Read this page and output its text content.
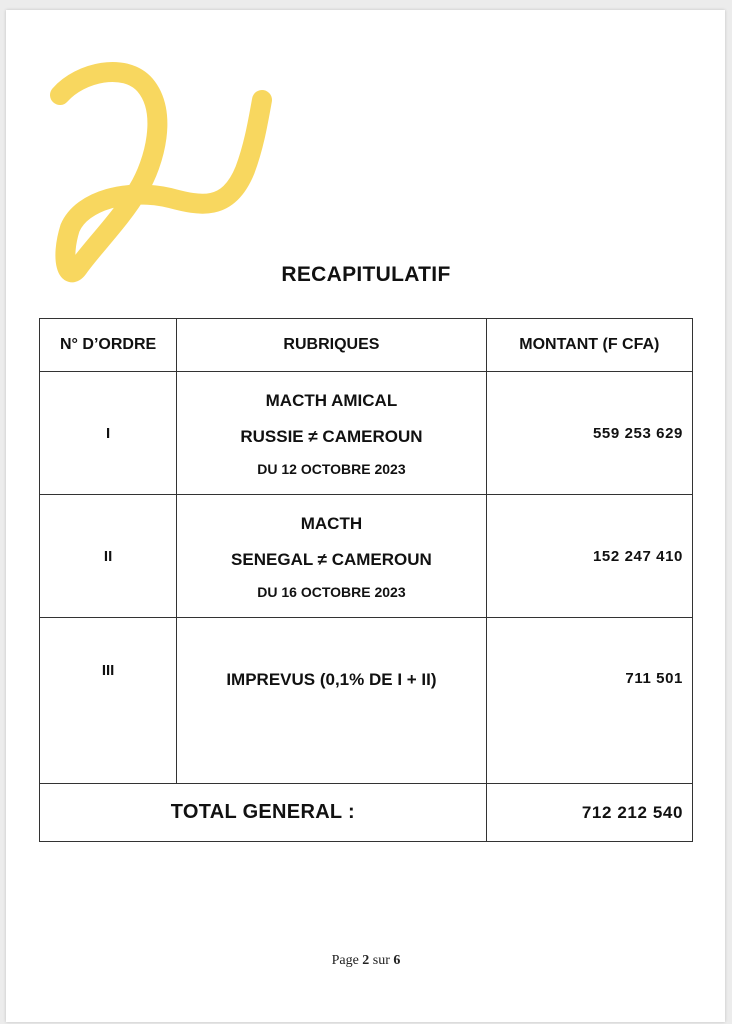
RECAPITULATIF
N° D’ORDRE	RUBRIQUES	MONTANT (F CFA)
I	MACTH AMICAL
RUSSIE ≠ CAMEROUN
DU 12 OCTOBRE 2023	559 253 629
II	MACTH
SENEGAL ≠ CAMEROUN
DU 16 OCTOBRE 2023	152 247 410
III	IMPREVUS (0,1% DE I + II)	711 501
TOTAL GENERAL :		712 212 540
Page 2 sur 6
